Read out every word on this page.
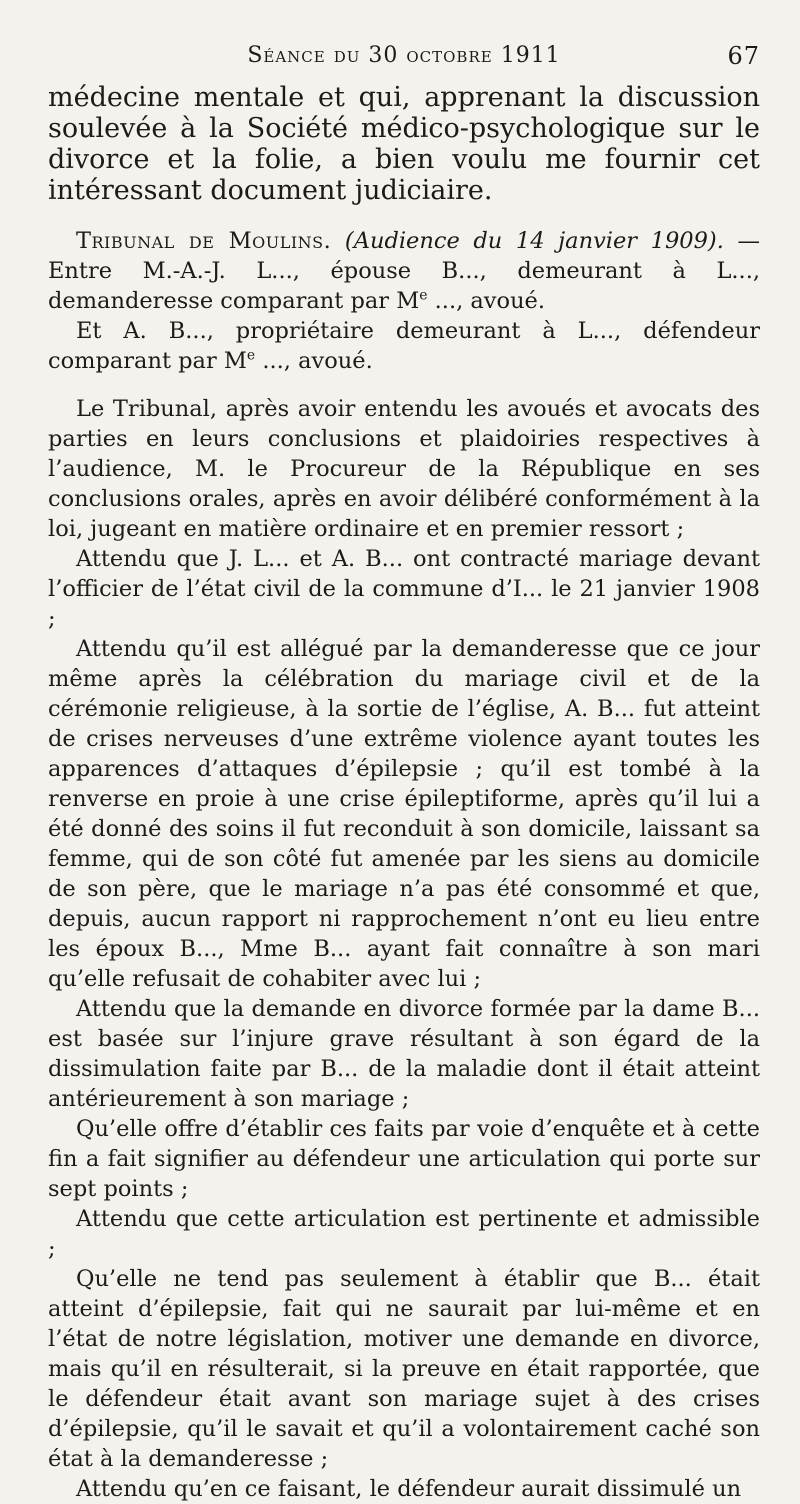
Séance du 30 octobre 1911	67

médecine mentale et qui, apprenant la discussion soulevée à la Société médico-psychologique sur le divorce et la folie, a bien voulu me fournir cet intéressant document judiciaire.

Tribunal de Moulins. (Audience du 14 janvier 1909). — Entre M.-A.-J. L..., épouse B..., demeurant à L..., demanderesse comparant par Me ..., avoué.

Et A. B..., propriétaire demeurant à L..., défendeur comparant par Me ..., avoué.

Le Tribunal, après avoir entendu les avoués et avocats des parties en leurs conclusions et plaidoiries respectives à l’audience, M. le Procureur de la République en ses conclusions orales, après en avoir délibéré conformément à la loi, jugeant en matière ordinaire et en premier ressort ;

Attendu que J. L... et A. B... ont contracté mariage devant l’officier de l’état civil de la commune d’I... le 21 janvier 1908 ;

Attendu qu’il est allégué par la demanderesse que ce jour même après la célébration du mariage civil et de la cérémonie religieuse, à la sortie de l’église, A. B... fut atteint de crises nerveuses d’une extrême violence ayant toutes les apparences d’attaques d’épilepsie ; qu’il est tombé à la renverse en proie à une crise épileptiforme, après qu’il lui a été donné des soins il fut reconduit à son domicile, laissant sa femme, qui de son côté fut amenée par les siens au domicile de son père, que le mariage n’a pas été consommé et que, depuis, aucun rapport ni rapprochement n’ont eu lieu entre les époux B..., Mme B... ayant fait connaître à son mari qu’elle refusait de cohabiter avec lui ;

Attendu que la demande en divorce formée par la dame B... est basée sur l’injure grave résultant à son égard de la dissimulation faite par B... de la maladie dont il était atteint antérieurement à son mariage ;

Qu’elle offre d’établir ces faits par voie d’enquête et à cette fin a fait signifier au défendeur une articulation qui porte sur sept points ;

Attendu que cette articulation est pertinente et admissible ;

Qu’elle ne tend pas seulement à établir que B... était atteint d’épilepsie, fait qui ne saurait par lui-même et en l’état de notre législation, motiver une demande en divorce, mais qu’il en résulterait, si la preuve en était rapportée, que le défendeur était avant son mariage sujet à des crises d’épilepsie, qu’il le savait et qu’il a volontairement caché son état à la demanderesse ;

Attendu qu’en ce faisant, le défendeur aurait dissimulé un
